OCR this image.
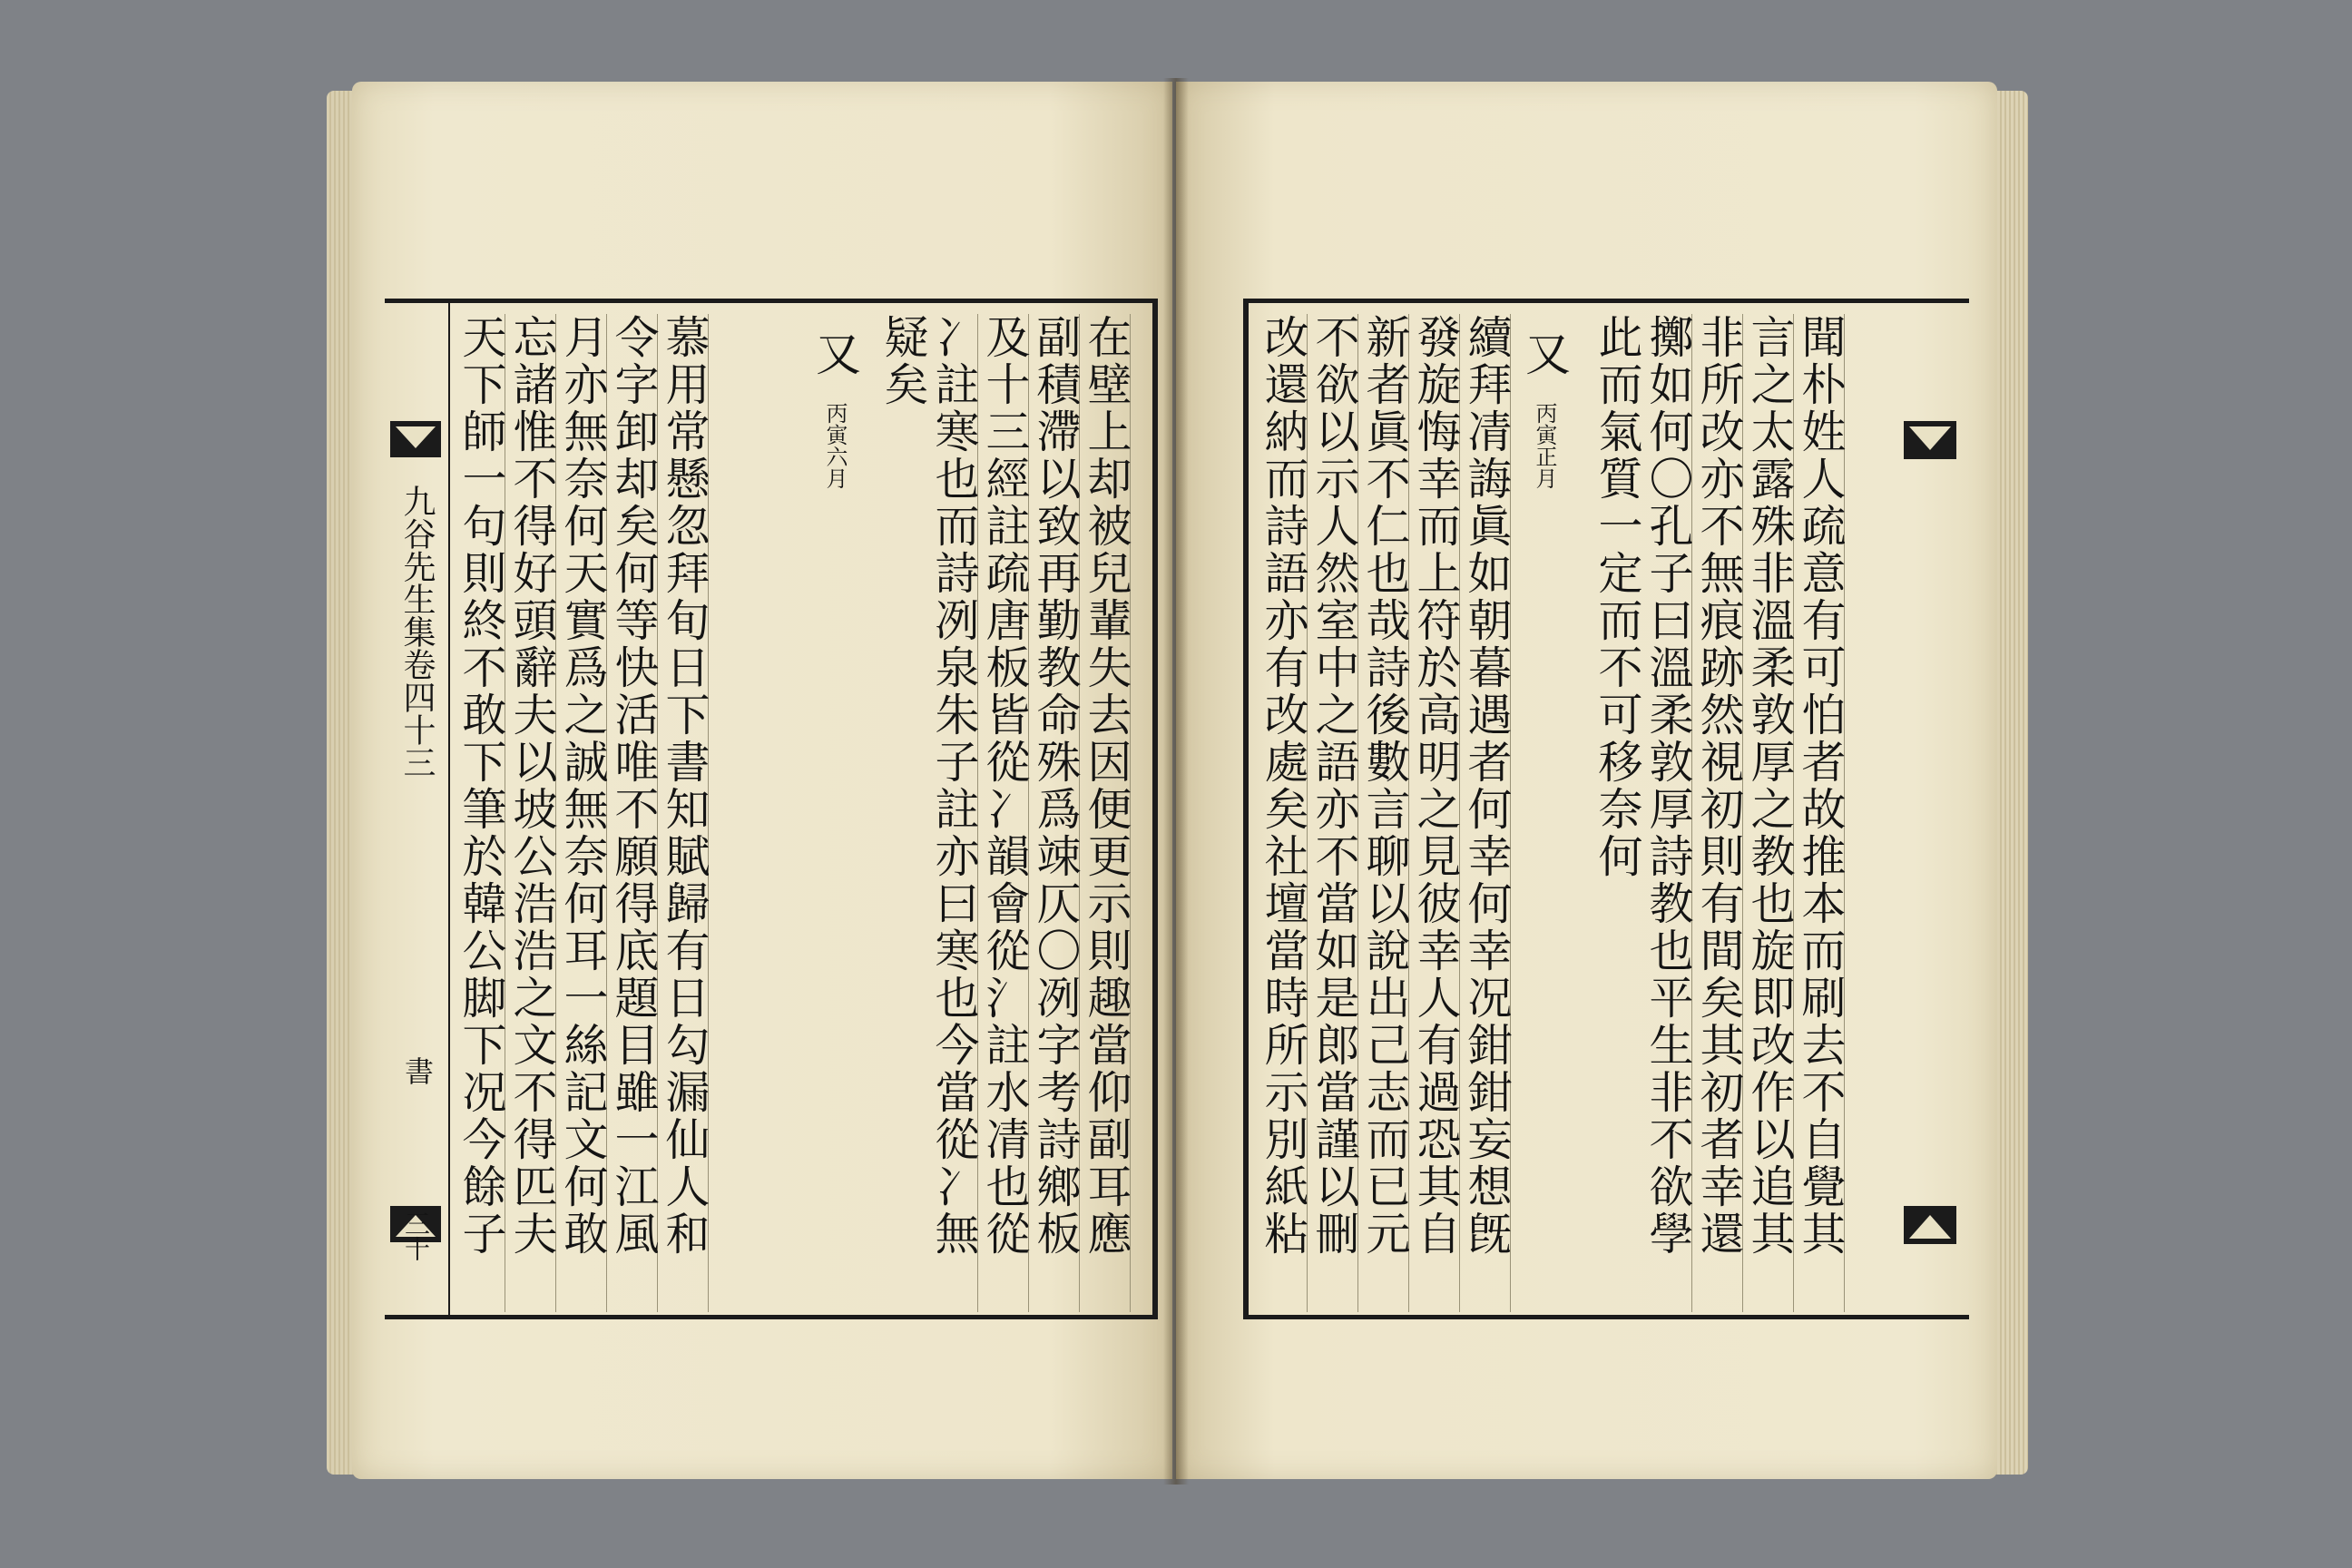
九谷先生集卷四十三
書
三十 天下師一句則終不敢下筆於韓公脚下况今餘子 忘諸惟不得好頭辭夫以坡公浩浩之文不得匹夫 月亦無奈何天實爲之誠無奈何耳一絲記文何敢 令字卸却矣何等快活唯不願得底題目雖一江風 慕用常懸忽拜旬日下書知賦歸有日勾漏仙人和 又 丙寅六月
疑矣 冫註寒也而詩冽泉朱子註亦曰寒也今當從冫無 及十三經註疏唐板皆從冫韻會從氵註水凊也從 副積滯以致再勤教命殊爲竦仄〇冽字考詩鄉板 在壁上却被兒輩失去因便更示則趣當仰副耳應	改還納而詩語亦有改處矣社壇當時所示別紙粘 不欲以示人然室中之語亦不當如是郎當謹以刪 新者眞不仁也哉詩後數言聊以說出己志而已元 發旋悔幸而上符於高明之見彼幸人有過恐其自 續拜凊誨眞如朝暮遇者何幸何幸况鉗鉗妄想旣 又 丙寅正月 此而氣質一定而不可移奈何 擲如何〇孔子曰溫柔敦厚詩教也平生非不欲學 非所改亦不無痕跡然視初則有間矣其初者幸還 言之太露殊非溫柔敦厚之教也旋即改作以追其 聞朴姓人疏意有可怕者故推本而刷去不自覺其
